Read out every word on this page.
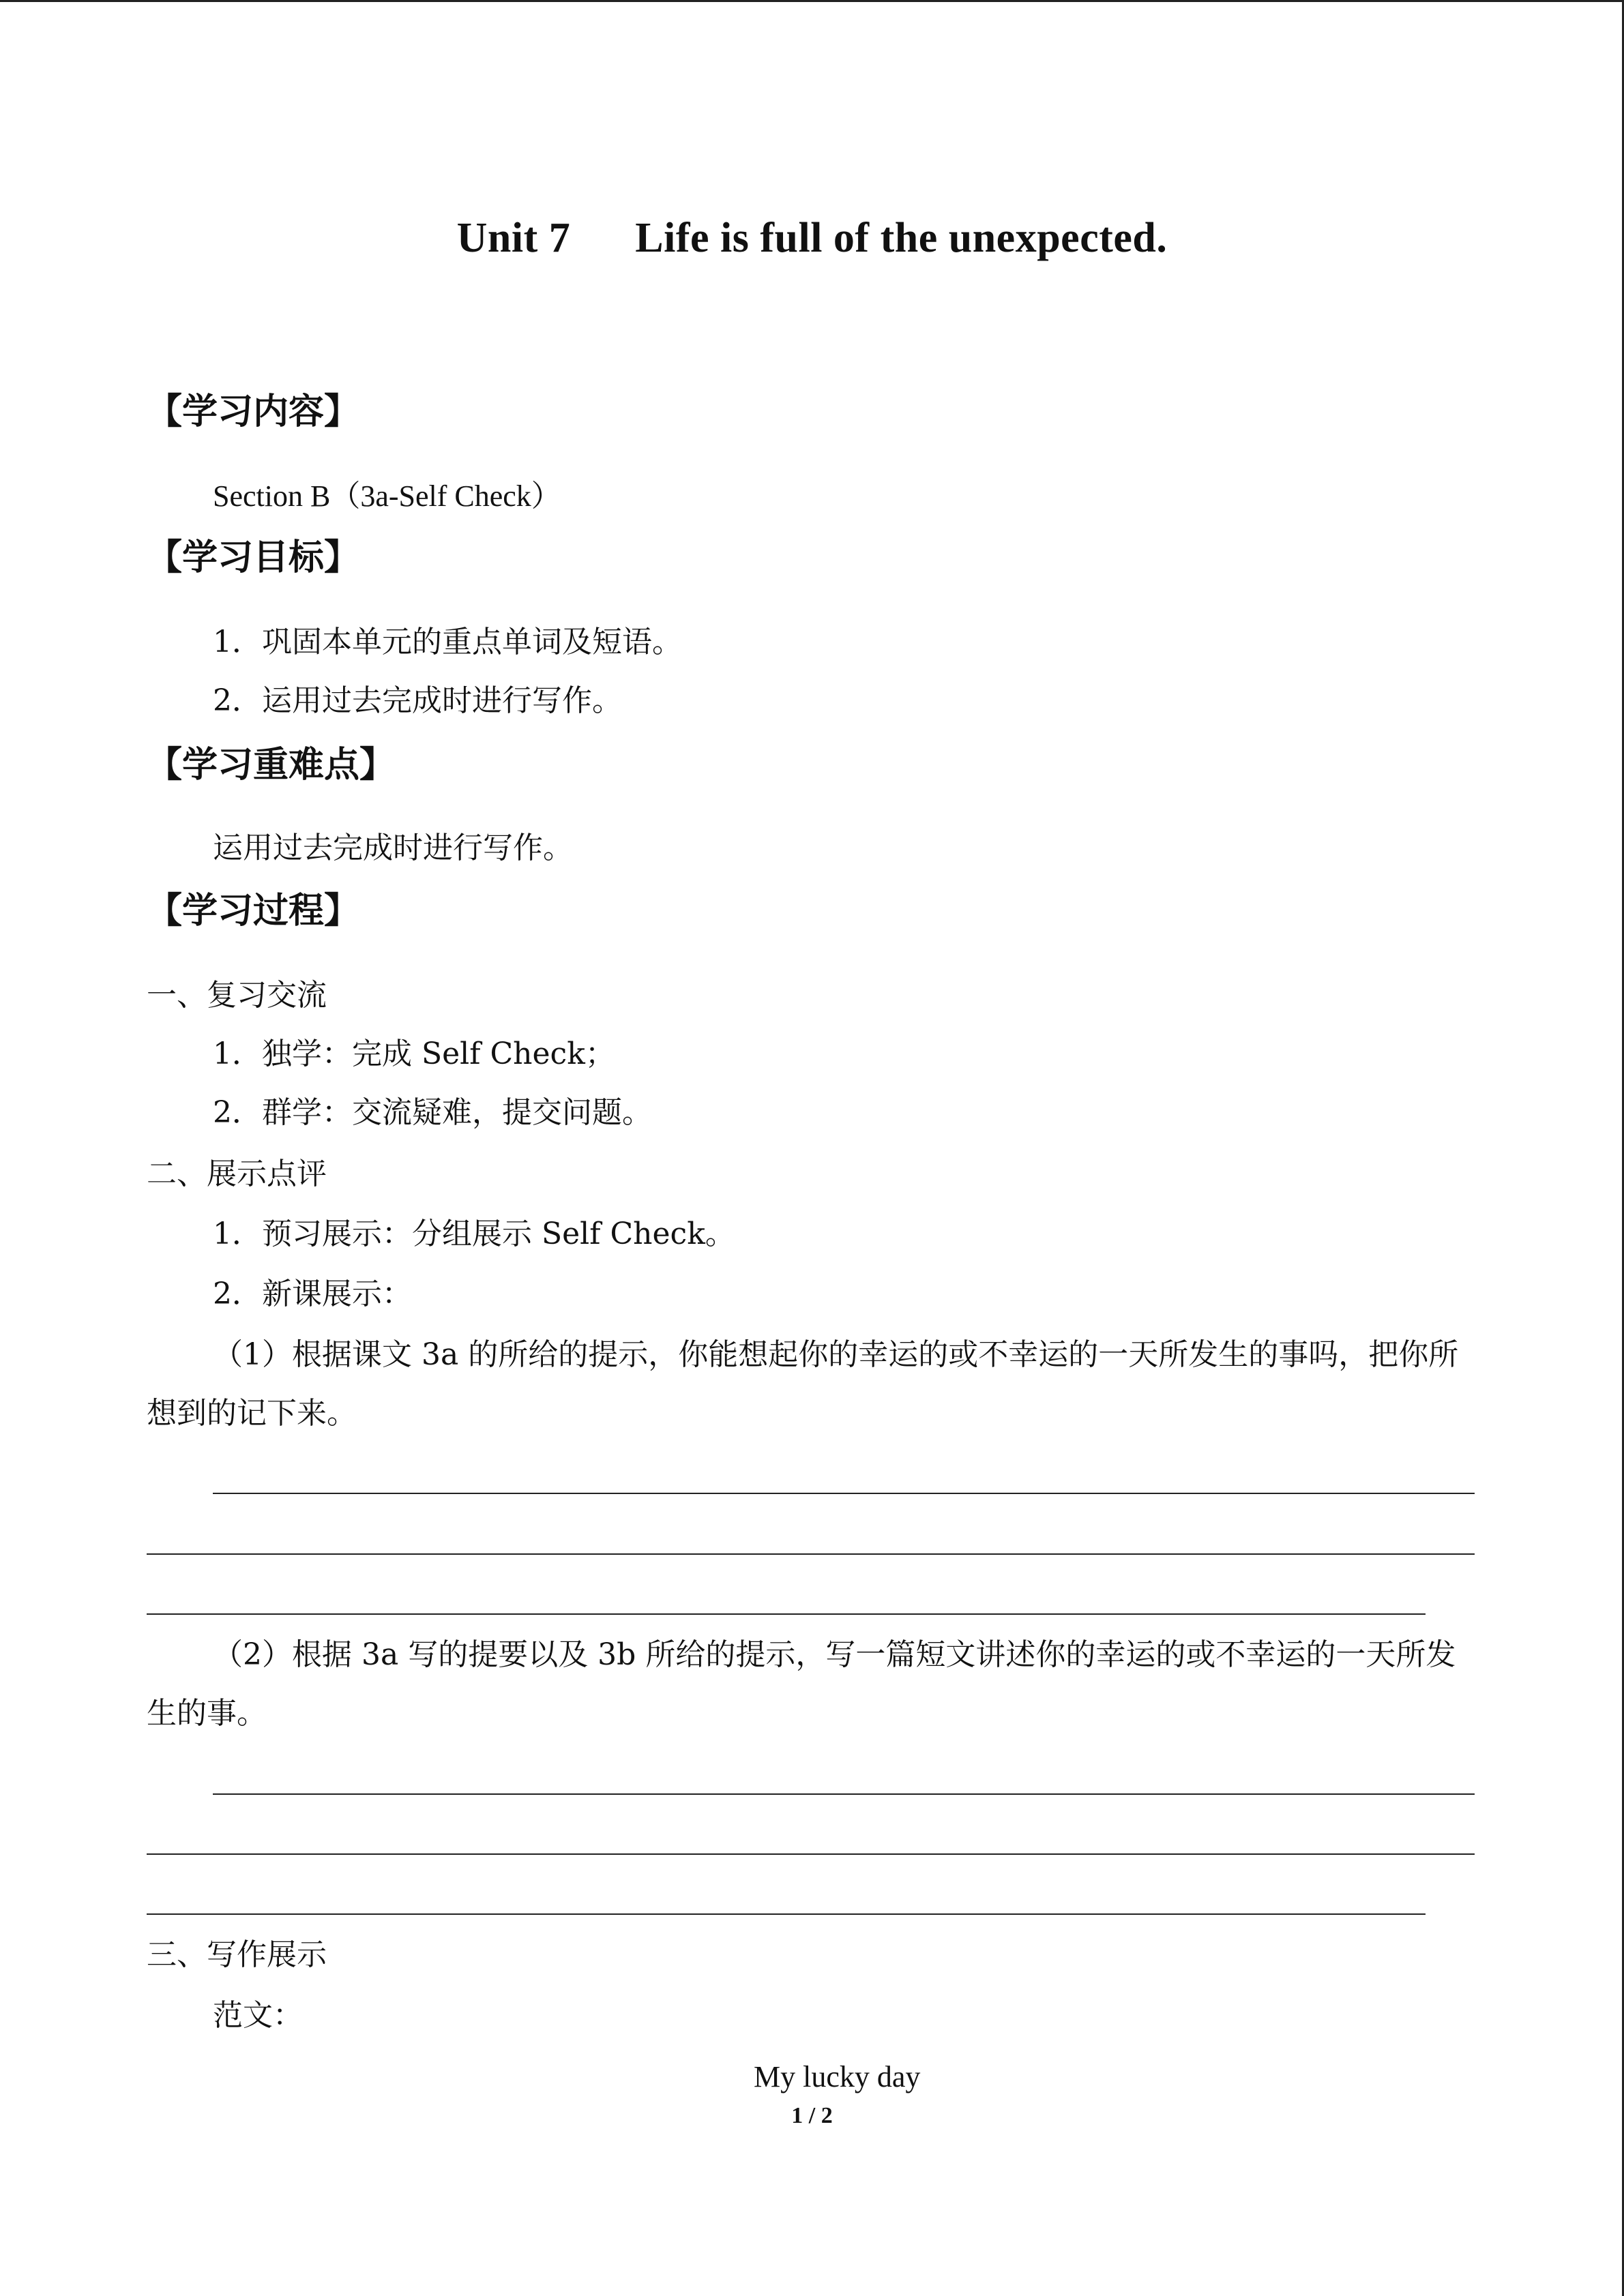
Unit 7 Life is full of the unexpected.
【学习内容】
Section B（3a-Self Check）
【学习目标】
1．巩固本单元的重点单词及短语。
2．运用过去完成时进行写作。
【学习重难点】
运用过去完成时进行写作。
【学习过程】
一、复习交流
1．独学：完成 Self Check；
2．群学：交流疑难，提交问题。
二、展示点评
1．预习展示：分组展示 Self Check。
2．新课展示：
（1）根据课文 3a 的所给的提示，你能想起你的幸运的或不幸运的一天所发生的事吗，把你所想到的记下来。
（2）根据 3a 写的提要以及 3b 所给的提示，写一篇短文讲述你的幸运的或不幸运的一天所发生的事。
三、写作展示
范文：
My lucky day
1 / 2
